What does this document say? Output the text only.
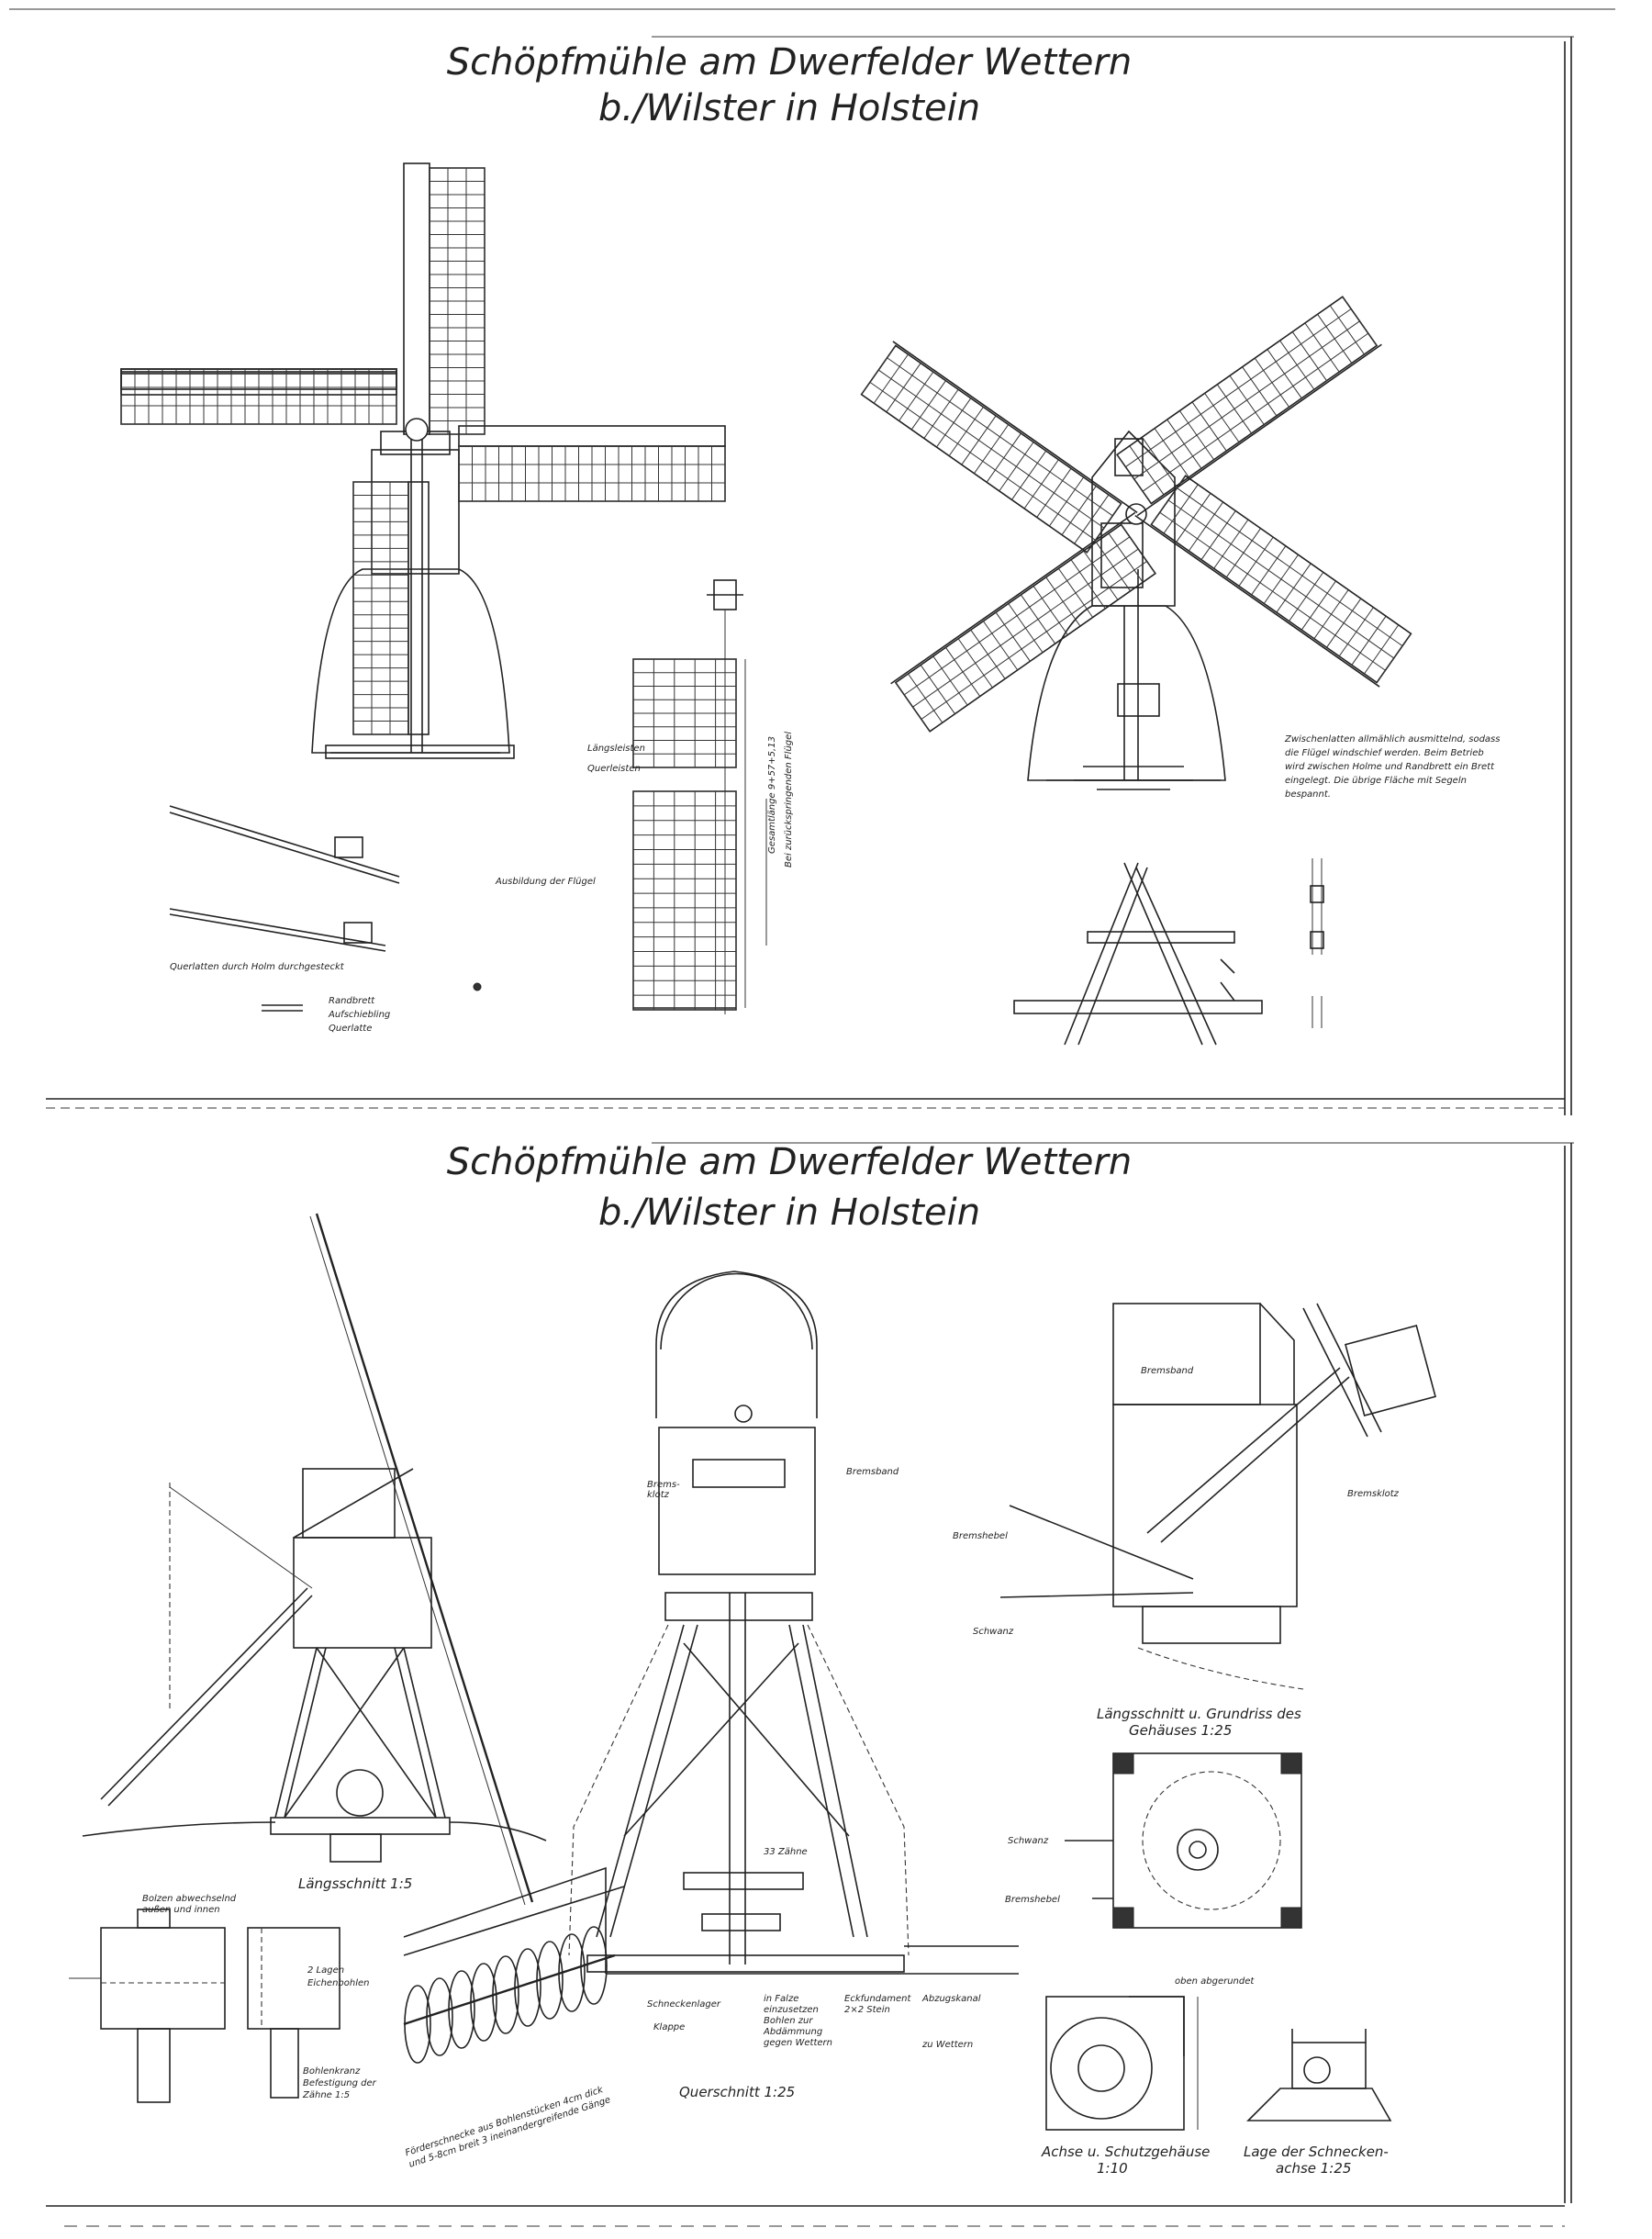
Schöpfmühle am Dwerfelder Wettern
b./Wilster in Holstein
Längsleisten
Querleisten
Ausbildung der Flügel
Gesamtlänge 9+57+5,13 Bei zurückspringenden Flügel
Querlatten durch Holm durchgesteckt
Randbrett
Aufschiebling
Querlatte
Zwischenlatten allmählich ausmittelnd, sodass die Flügel windschief werden. Beim Betrieb wird zwischen Holme und Randbrett ein Brett eingelegt. Die übrige Fläche mit Segeln bespannt.
Schöpfmühle am Dwerfelder Wettern
b./Wilster in Holstein
Bremsband
Brems-klotz
Bremsband
Bremsklotz
Bremshebel
Schwanz
Schwanz
Bremshebel
33 Zähne
Schneckenlager
Klappe
in Falze einzusetzen Bohlen zur Abdämmung gegen Wettern
Eckfundament 2×2 Stein
Abzugskanal
zu Wettern
Bolzen abwechselnd außen und innen
2 Lagen Eichenbohlen
Bohlenkranz Befestigung der Zähne 1:5
oben abgerundet
Förderschnecke aus Bohlenstücken 4cm dick und 5-8cm breit 3 ineinandergreifende Gänge
Längsschnitt 1:5
Querschnitt 1:25
Längsschnitt u. Grundriss des
Gehäuses 1:25
Achse u. Schutzgehäuse
1:10
Lage der Schnecken-
achse 1:25
